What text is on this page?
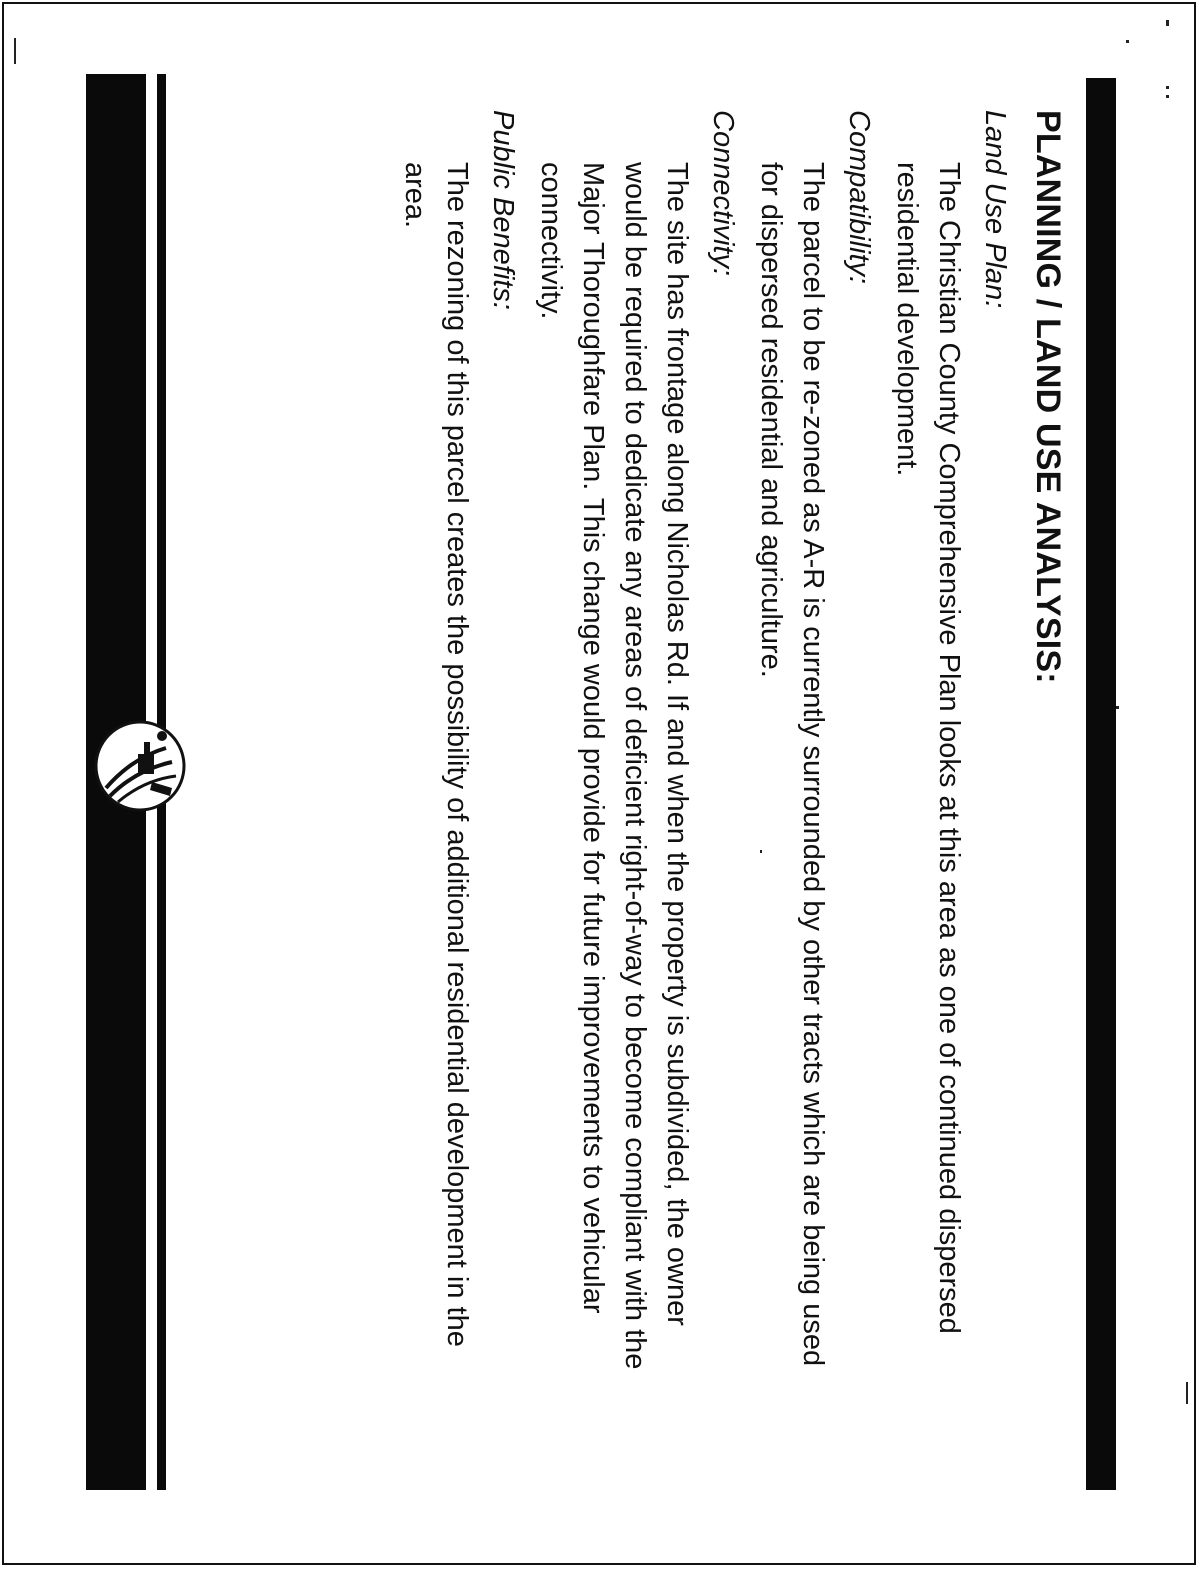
PLANNING / LAND USE ANALYSIS:
Land Use Plan:
The Christian County Comprehensive Plan looks at this area as one of continued dispersed residential development.
Compatibility:
The parcel to be re-zoned as A-R is currently surrounded by other tracts which are being used for dispersed residential and agriculture.
Connectivity:
The site has frontage along Nicholas Rd. If and when the property is subdivided, the owner would be required to dedicate any areas of deficient right-of-way to become compliant with the Major Thoroughfare Plan. This change would provide for future improvements to vehicular connectivity.
Public Benefits:
The rezoning of this parcel creates the possibility of additional residential development in the area.
